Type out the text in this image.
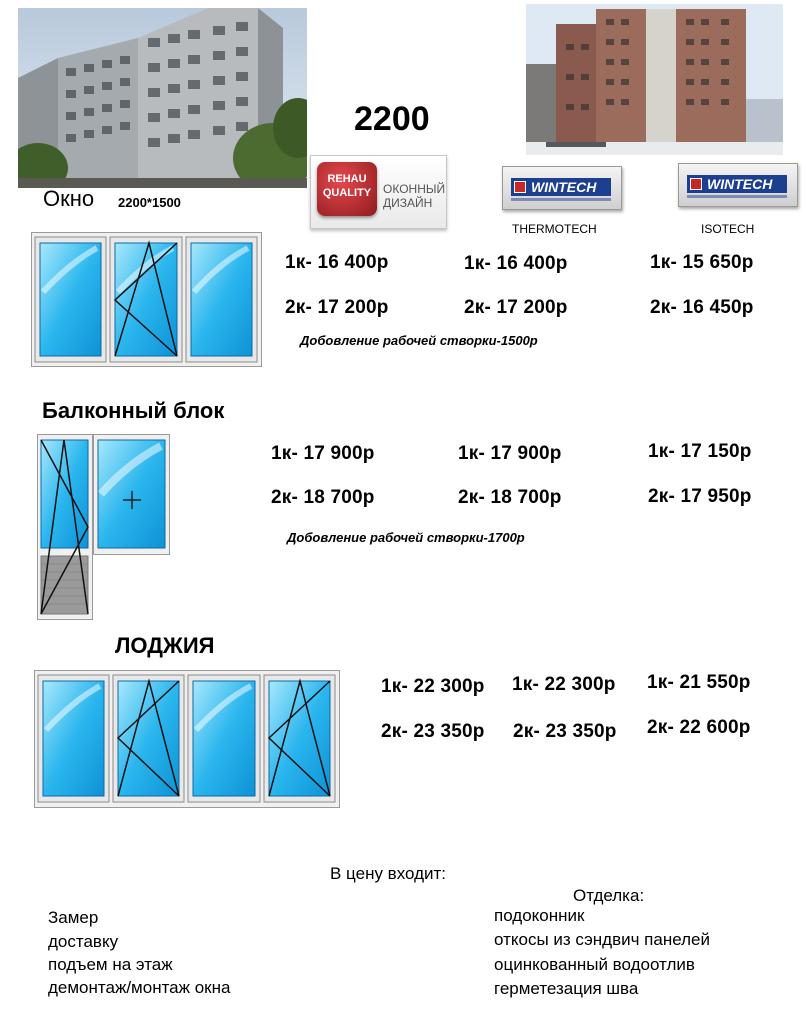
2200
REHAU QUALITY ОКОННЫЙ ДИЗАЙН
WINTECH	WINTECH
THERMOTECH	ISOTECH
Окно 2200*1500
1к- 16 400р
2к- 17 200р
1к- 16 400р
2к- 17 200р
1к- 15 650р
2к- 16 450р
Добовление рабочей створки-1500р
Балконный блок
1к- 17 900р
2к- 18 700р
1к- 17 900р
2к- 18 700р
1к- 17 150р
2к- 17 950р
Добовление рабочей створки-1700р
ЛОДЖИЯ
1к- 22 300р
2к- 23 350р
1к- 22 300р
2к- 23 350р
1к- 21 550р
2к- 22 600р
В цену входит:
Замер
доставку
подъем на этаж
демонтаж/монтаж окна
Отделка:
подоконник
откосы из сэндвич панелей
оцинкованный водоотлив
герметезация шва
